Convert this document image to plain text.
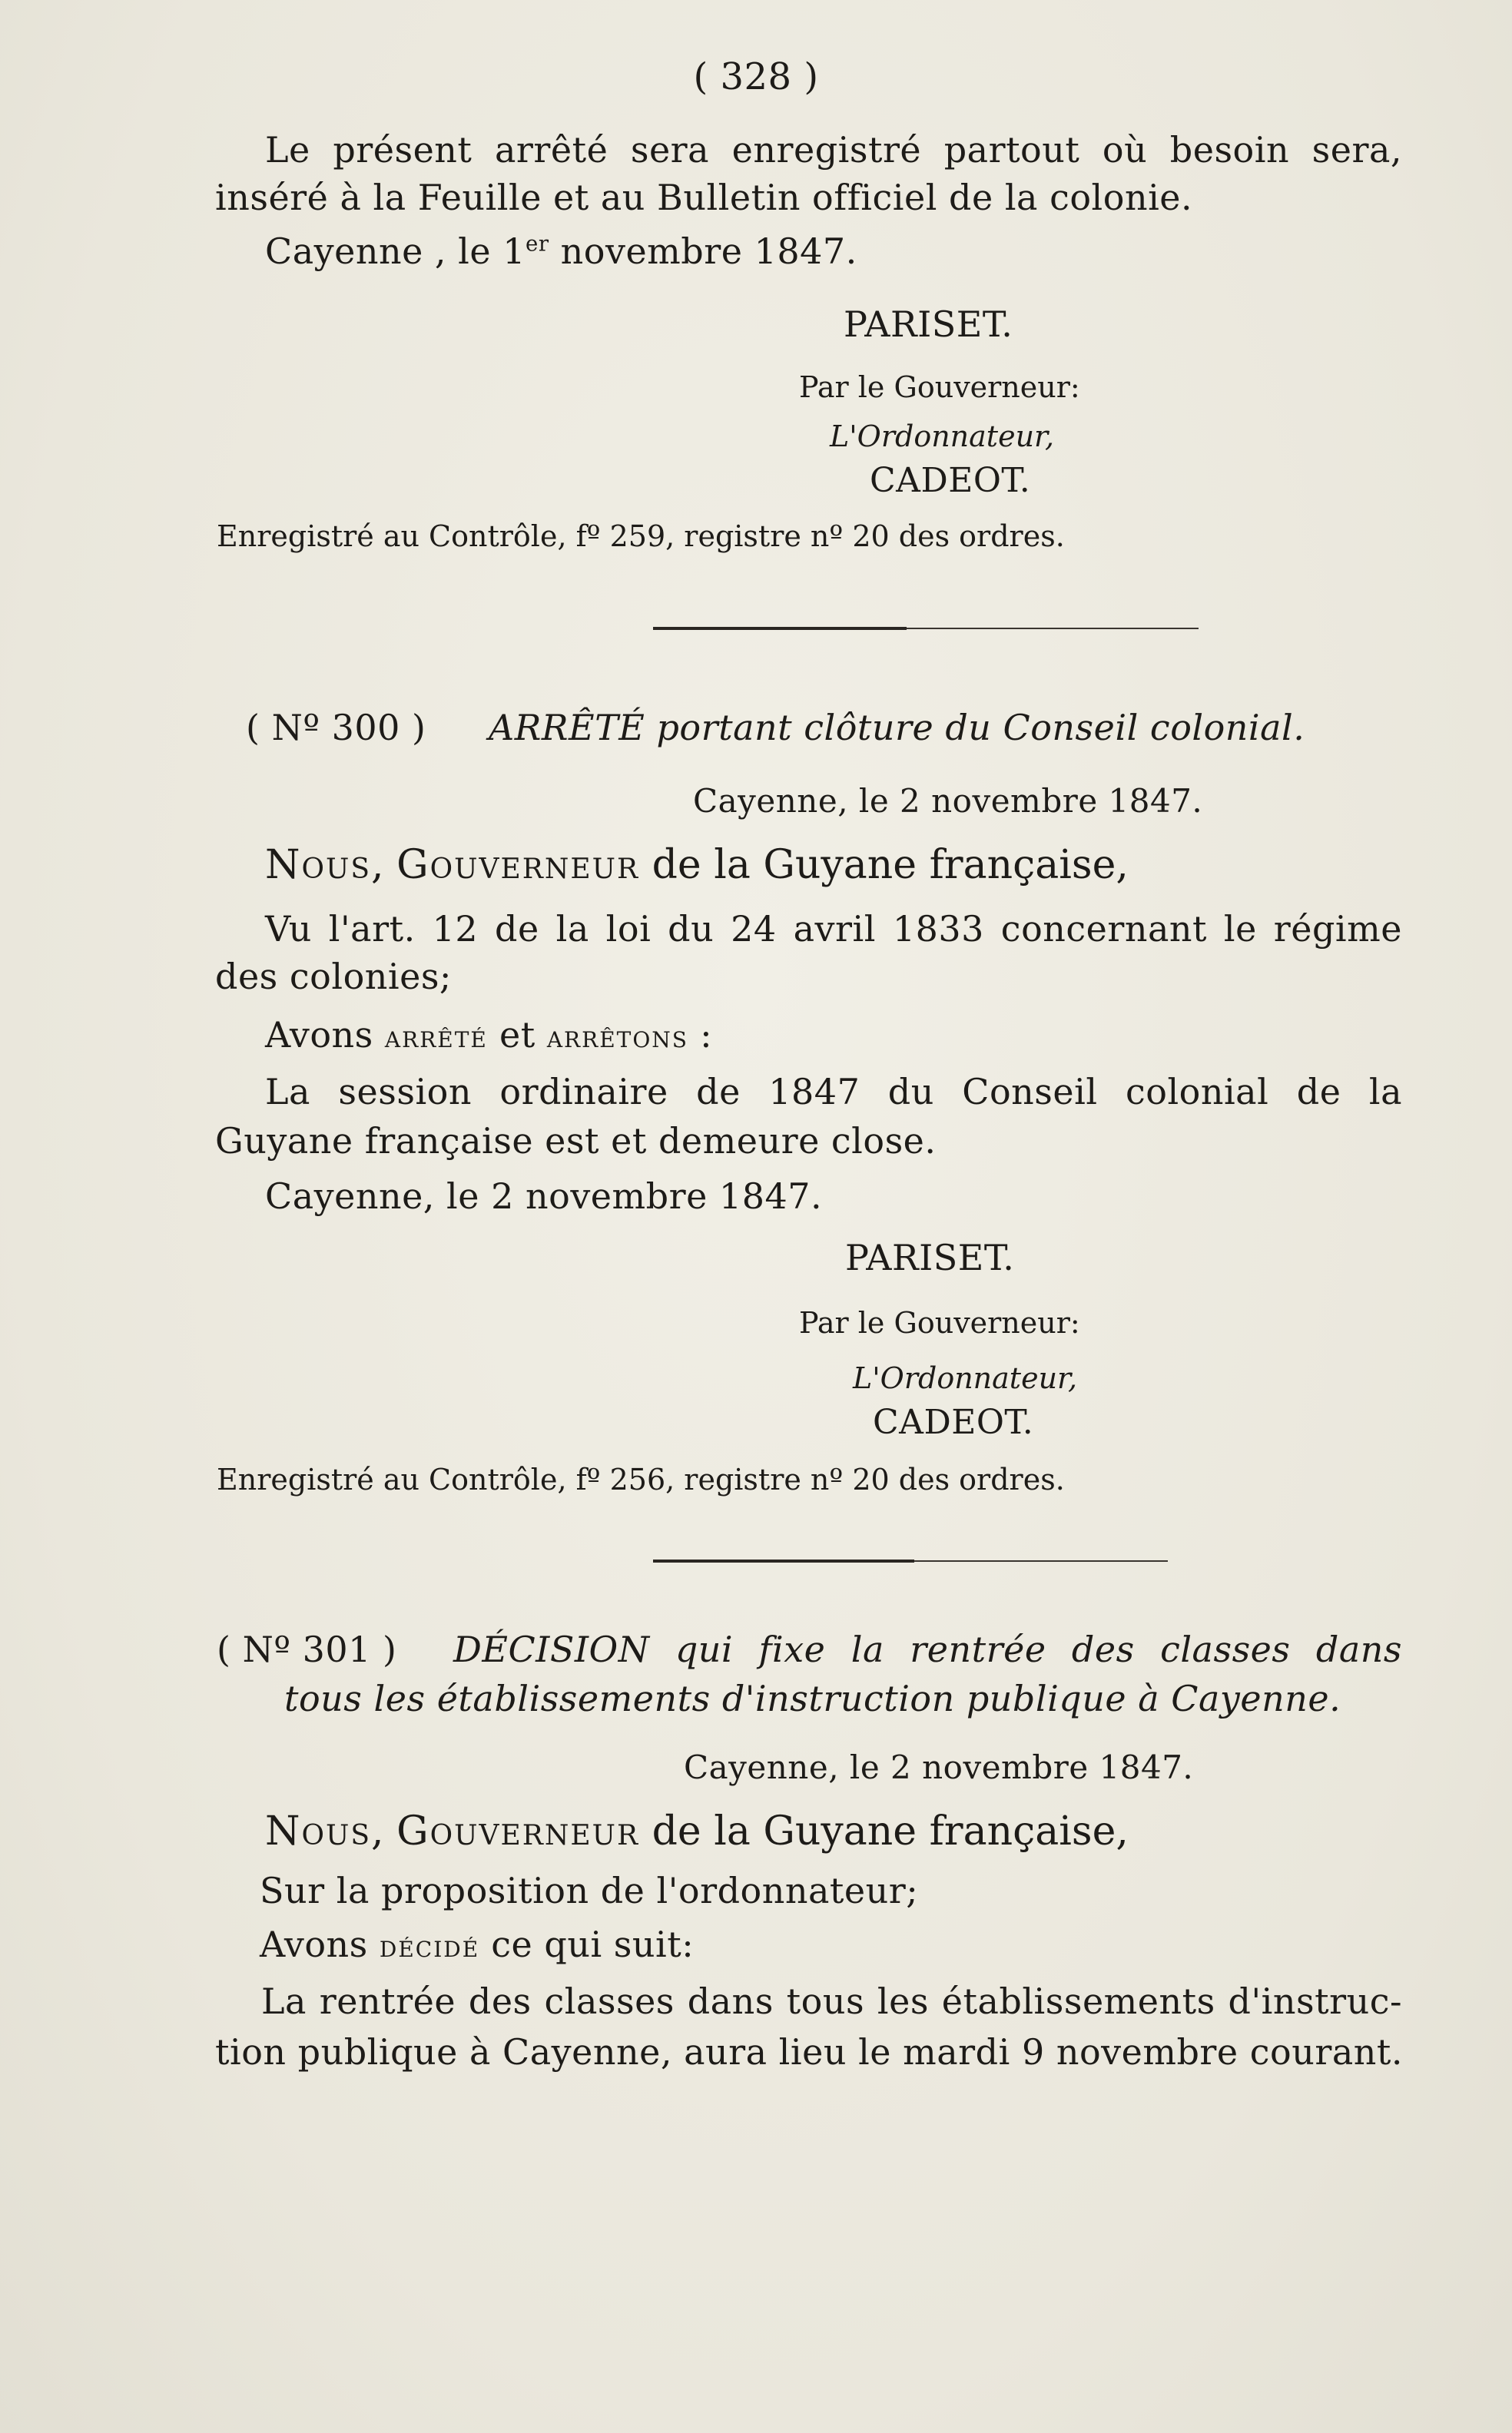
( 328 )
Le présent arrêté sera enregistré partout où besoin sera,
inséré à la Feuille et au Bulletin officiel de la colonie.
Cayenne , le 1er novembre 1847.
PARISET.
Par le Gouverneur:
L'Ordonnateur,
CADEOT.
Enregistré au Contrôle, fº 259, registre nº 20 des ordres.
( Nº 300 ) ARRÊTÉ portant clôture du Conseil colonial.
Cayenne, le 2 novembre 1847.
Nous, Gouverneur de la Guyane française,
Vu l'art. 12 de la loi du 24 avril 1833 concernant le régime
des colonies;
Avons arrêté et arrêtons :
La session ordinaire de 1847 du Conseil colonial de la
Guyane française est et demeure close.
Cayenne, le 2 novembre 1847.
PARISET.
Par le Gouverneur:
L'Ordonnateur,
CADEOT.
Enregistré au Contrôle, fº 256, registre nº 20 des ordres.
( Nº 301 ) DÉCISION qui fixe la rentrée des classes dans
tous les établissements d'instruction publique à Cayenne.
Cayenne, le 2 novembre 1847.
Nous, Gouverneur de la Guyane française,
Sur la proposition de l'ordonnateur;
Avons décidé ce qui suit:
La rentrée des classes dans tous les établissements d'instruc-
tion publique à Cayenne, aura lieu le mardi 9 novembre courant.
